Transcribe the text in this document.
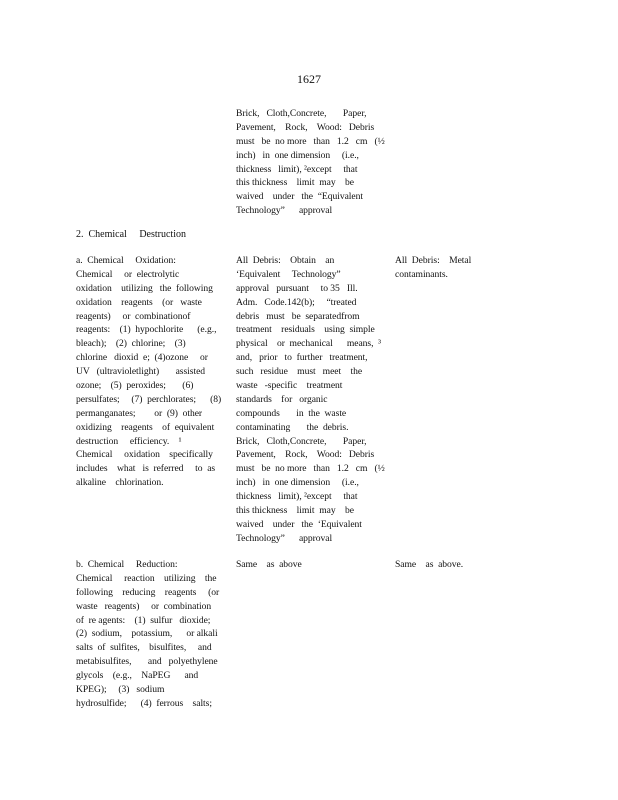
1627
Brick,   Cloth,Concrete,       Paper,
Pavement,    Rock,    Wood:   Debris
must   be  no more   than   1.2   cm   (½
inch)   in  one dimension     (i.e.,
thickness   limit), ²except     that
this thickness    limit  may    be
waived    under   the  “Equivalent
Technology”      approval
2.  Chemical     Destruction
a.  Chemical     Oxidation:
Chemical     or  electrolytic
oxidation    utilizing   the  following
oxidation    reagents    (or   waste
reagents)     or  combinationof
reagents:    (1)  hypochlorite      (e.g.,
bleach);    (2)  chlorine;    (3)
chlorine   dioxid  e;  (4)ozone     or
UV   (ultravioletlight)       assisted
ozone;    (5)  peroxides;       (6)
persulfates;     (7)  perchlorates;      (8)
permanganates;        or  (9)  other
oxidizing    reagents    of  equivalent
destruction     efficiency.    ¹
Chemical     oxidation    specifically
includes    what   is  referred     to  as
alkaline    chlorination.
All  Debris:    Obtain    an
‘Equivalent     Technology”
approval   pursuant     to 35   Ill.
Adm.   Code.142(b);     “treated
debris   must   be  separatedfrom
treatment    residuals    using  simple
physical    or  mechanical      means,  ³
and,   prior   to  further   treatment,
such   residue    must   meet    the
waste   -specific    treatment
standards    for   organic
compounds       in  the  waste
contaminating       the  debris.
Brick,   Cloth,Concrete,       Paper,
Pavement,    Rock,    Wood:   Debris
must   be  no more   than   1.2   cm   (½
inch)   in  one dimension     (i.e.,
thickness   limit), ²except     that
this thickness    limit  may    be
waived    under   the  ‘Equivalent
Technology”      approval
All  Debris:    Metal
contaminants.
b.  Chemical     Reduction:
Chemical     reaction    utilizing    the
following    reducing    reagents     (or
waste   reagents)     or  combination
of  re agents:    (1)  sulfur   dioxide;
(2)  sodium,    potassium,      or alkali
salts  of  sulfites,    bisulfites,     and
metabisulfites,       and   polyethylene
glycols    (e.g.,    NaPEG      and
KPEG);     (3)   sodium
hydrosulfide;      (4)  ferrous    salts;
Same    as  above	Same    as  above.
